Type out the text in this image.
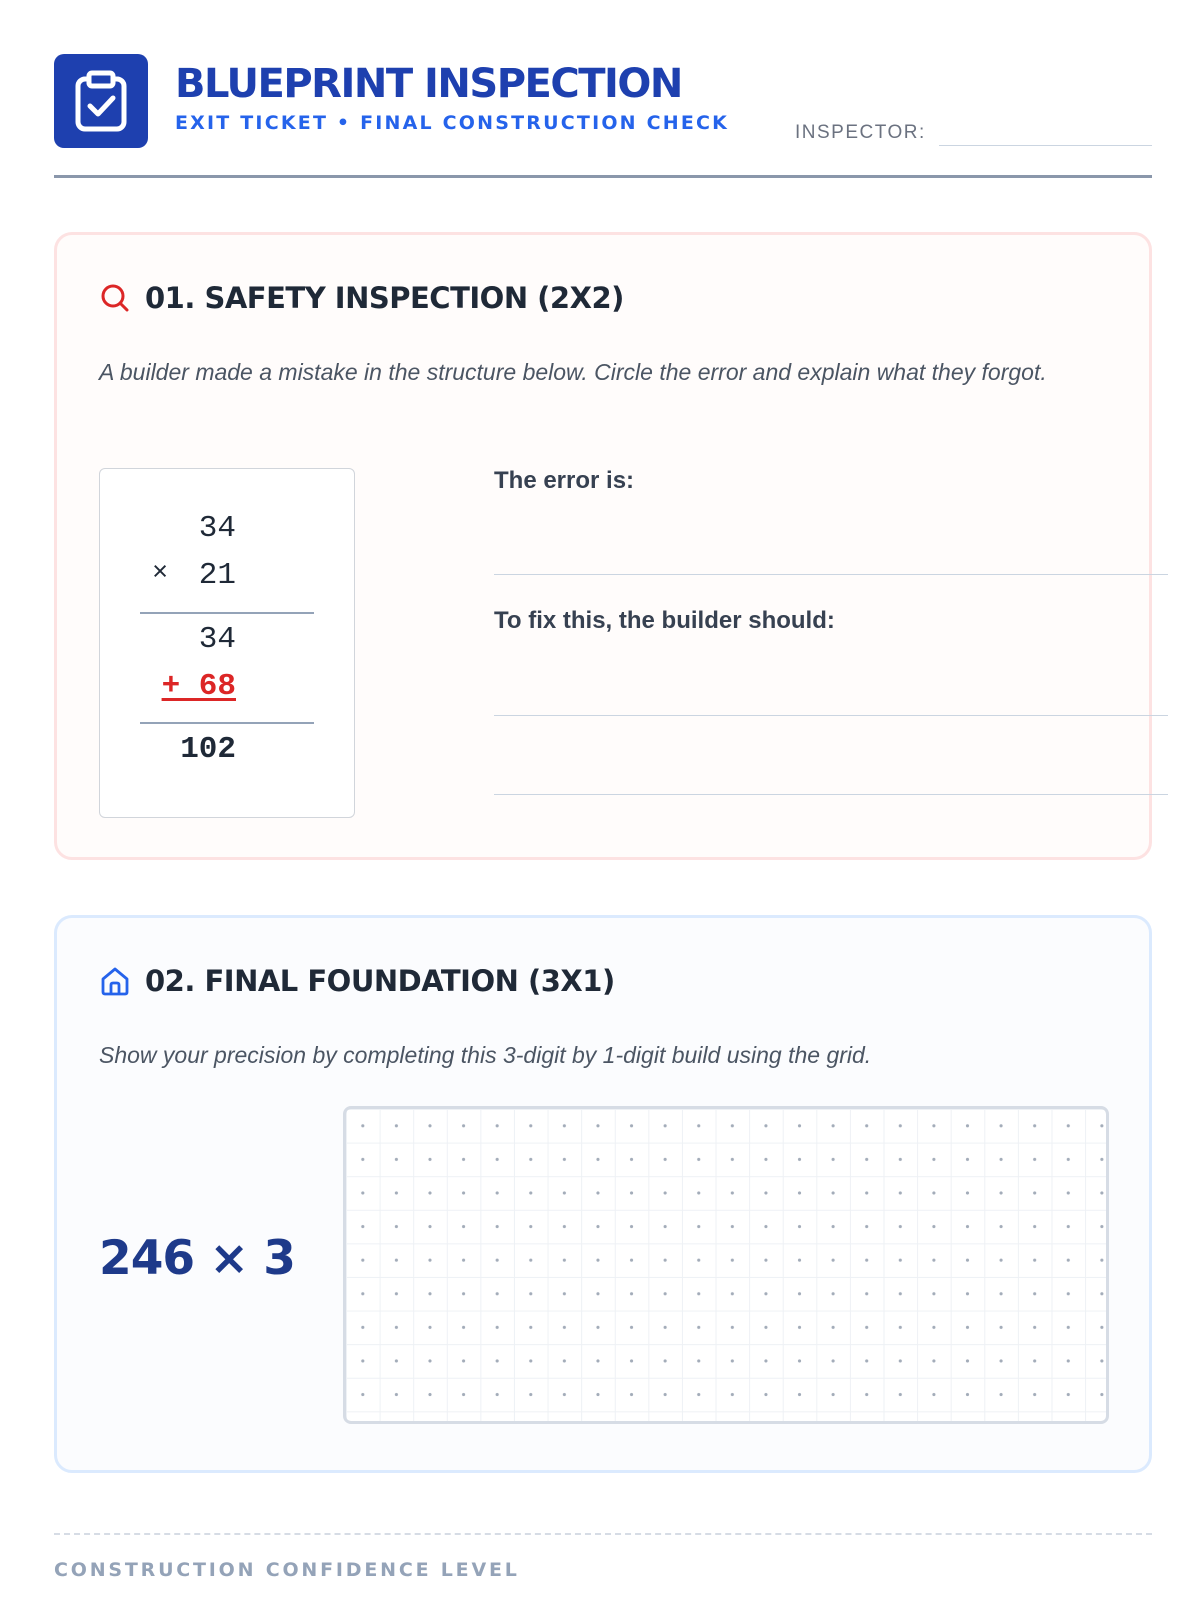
BLUEPRINT INSPECTION
EXIT TICKET • FINAL CONSTRUCTION CHECK	INSPECTOR:
01. SAFETY INSPECTION (2X2)
A builder made a mistake in the structure below. Circle the error and explain what they forgot.
34
× 21
34
+ 68
102
The error is:
To fix this, the builder should:
02. FINAL FOUNDATION (3X1)
Show your precision by completing this 3-digit by 1-digit build using the grid.
246 × 3
CONSTRUCTION CONFIDENCE LEVEL
